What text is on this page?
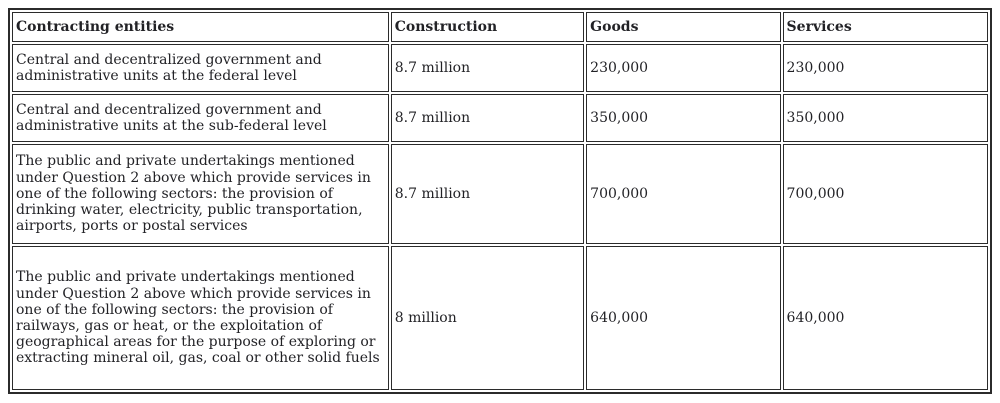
Contracting entities	Construction	Goods	Services
Central and decentralized government and administrative units at the federal level	8.7 million	230,000	230,000
Central and decentralized government and administrative units at the sub-federal level	8.7 million	350,000	350,000
The public and private undertakings mentioned under Question 2 above which provide services in one of the following sectors: the provision of drinking water, electricity, public transportation, airports, ports or postal services	8.7 million	700,000	700,000
The public and private undertakings mentioned under Question 2 above which provide services in one of the following sectors: the provision of railways, gas or heat, or the exploitation of geographical areas for the purpose of exploring or extracting mineral oil, gas, coal or other solid fuels	8 million	640,000	640,000
